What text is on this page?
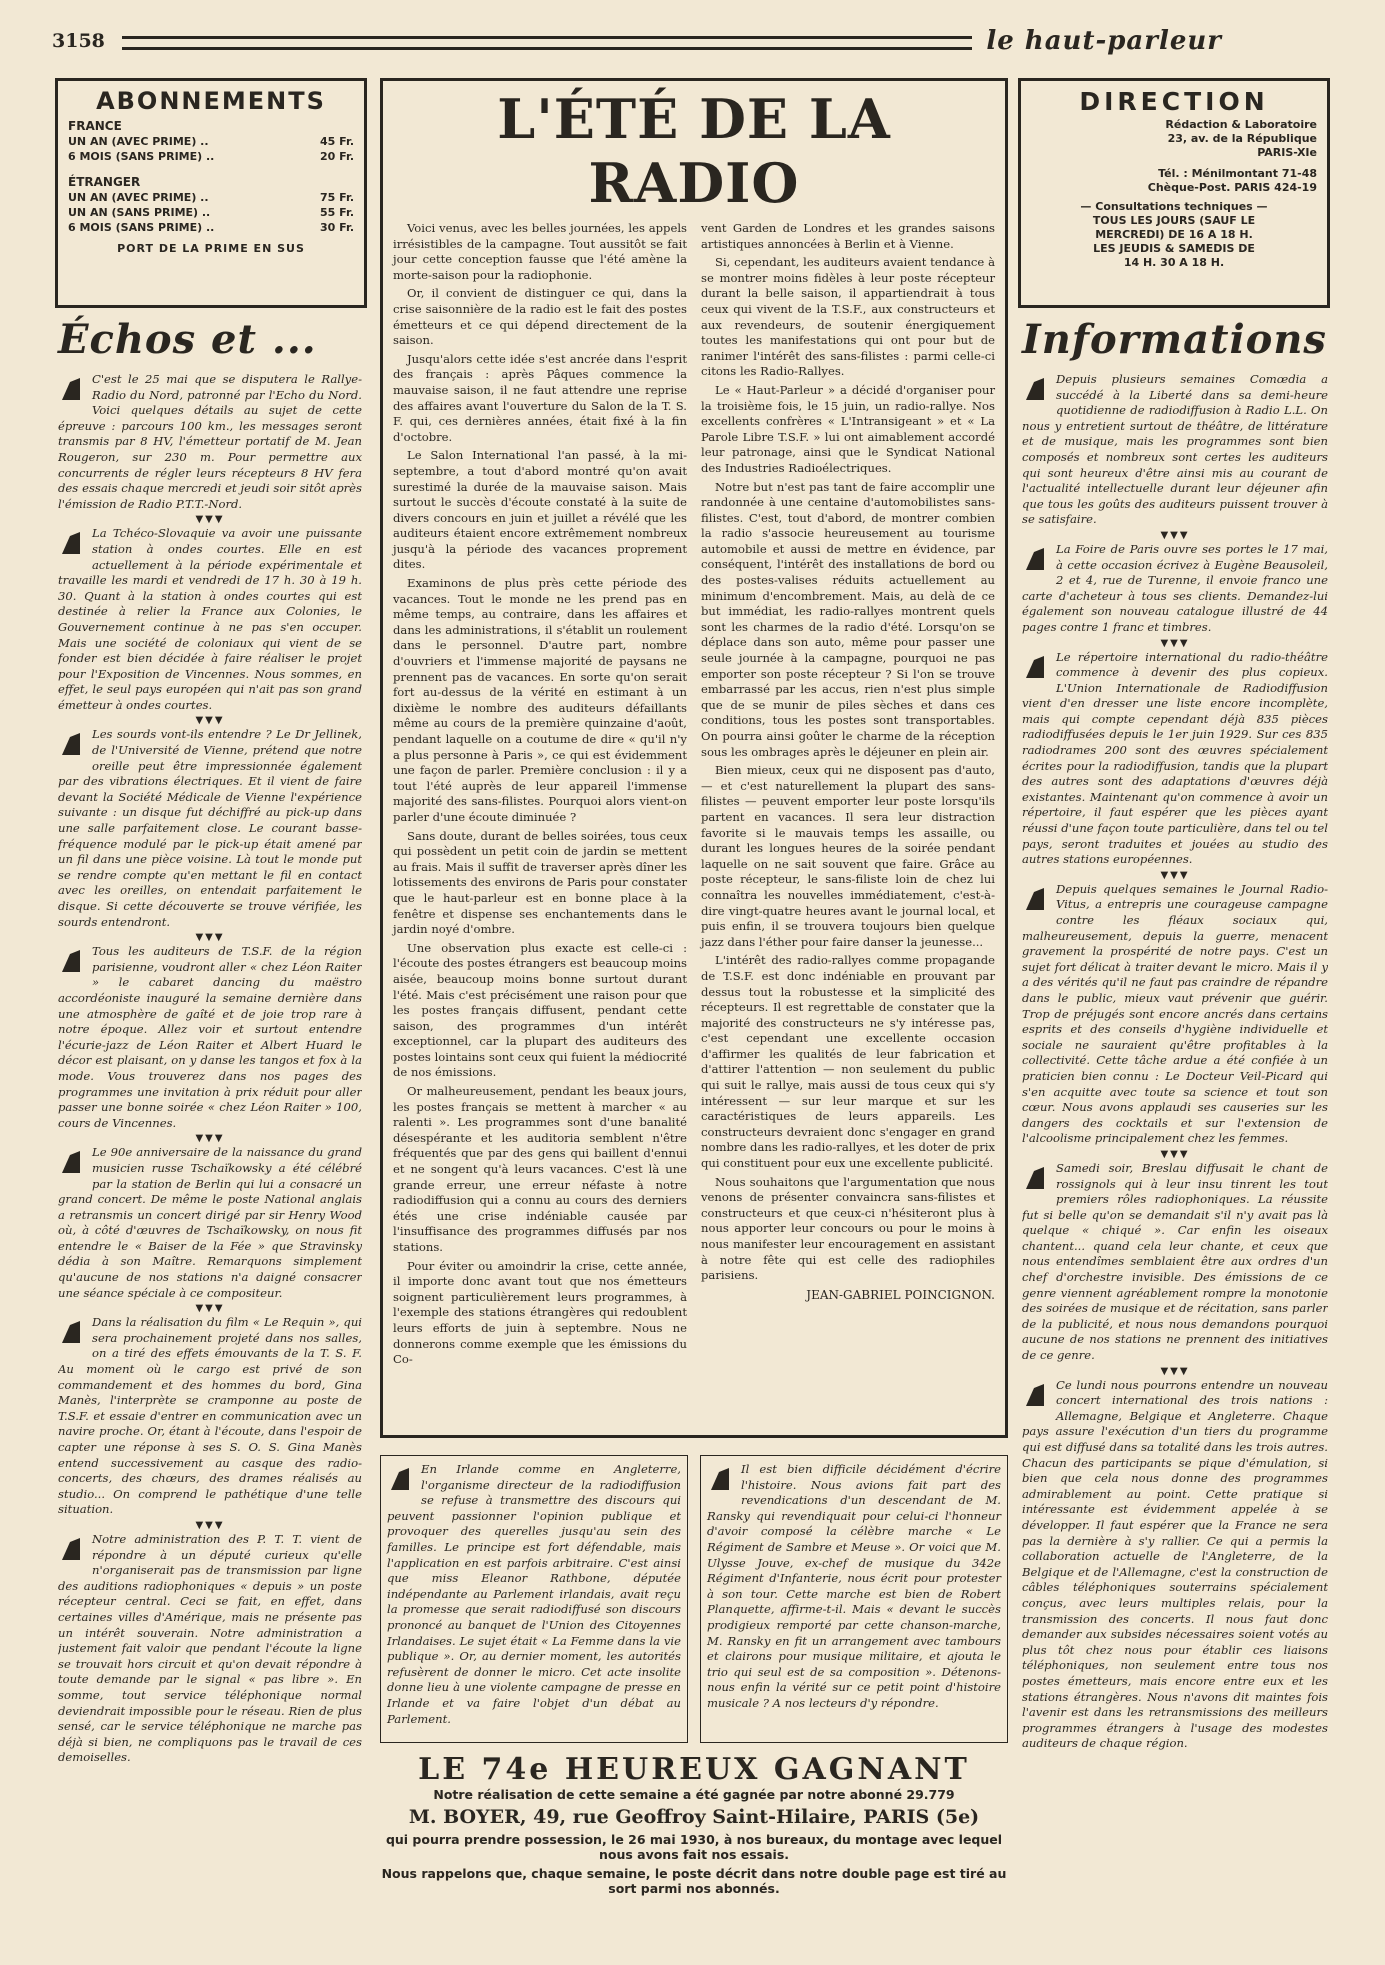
3158	le haut-parleur
ABONNEMENTS
FRANCE
UN AN (AVEC PRIME) ..	45 Fr.
6 MOIS (SANS PRIME) ..	20 Fr.
ÉTRANGER
UN AN (AVEC PRIME) ..	75 Fr.
UN AN (SANS PRIME) ..	55 Fr.
6 MOIS (SANS PRIME) ..	30 Fr.
PORT DE LA PRIME EN SUS
DIRECTION
Rédaction & Laboratoire
23, av. de la République
PARIS-XIe
Tél. : Ménilmontant 71-48
Chèque-Post. PARIS 424-19
— Consultations techniques —
TOUS LES JOURS (SAUF LE
MERCREDI) DE 16 A 18 H.
LES JEUDIS & SAMEDIS DE
14 H. 30 A 18 H.
Échos et ...	Informations
C'est le 25 mai que se disputera le Rallye-Radio du Nord, patronné par l'Echo du Nord. Voici quelques détails au sujet de cette épreuve : parcours 100 km., les messages seront transmis par 8 HV, l'émetteur portatif de M. Jean Rougeron, sur 230 m. Pour permettre aux concurrents de régler leurs récepteurs 8 HV fera des essais chaque mercredi et jeudi soir sitôt après l'émission de Radio P.T.T.-Nord.
▼▼▼
La Tchéco-Slovaquie va avoir une puissante station à ondes courtes. Elle en est actuellement à la période expérimentale et travaille les mardi et vendredi de 17 h. 30 à 19 h. 30. Quant à la station à ondes courtes qui est destinée à relier la France aux Colonies, le Gouvernement continue à ne pas s'en occuper. Mais une société de coloniaux qui vient de se fonder est bien décidée à faire réaliser le projet pour l'Exposition de Vincennes. Nous sommes, en effet, le seul pays européen qui n'ait pas son grand émetteur à ondes courtes.
▼▼▼
Les sourds vont-ils entendre ? Le Dr Jellinek, de l'Université de Vienne, prétend que notre oreille peut être impressionnée également par des vibrations électriques. Et il vient de faire devant la Société Médicale de Vienne l'expérience suivante : un disque fut déchiffré au pick-up dans une salle parfaitement close. Le courant basse-fréquence modulé par le pick-up était amené par un fil dans une pièce voisine. Là tout le monde put se rendre compte qu'en mettant le fil en contact avec les oreilles, on entendait parfaitement le disque. Si cette découverte se trouve vérifiée, les sourds entendront.
▼▼▼
Tous les auditeurs de T.S.F. de la région parisienne, voudront aller « chez Léon Raiter » le cabaret dancing du maëstro accordéoniste inauguré la semaine dernière dans une atmosphère de gaîté et de joie trop rare à notre époque. Allez voir et surtout entendre l'écurie-jazz de Léon Raiter et Albert Huard le décor est plaisant, on y danse les tangos et fox à la mode. Vous trouverez dans nos pages des programmes une invitation à prix réduit pour aller passer une bonne soirée « chez Léon Raiter » 100, cours de Vincennes.
▼▼▼
Le 90e anniversaire de la naissance du grand musicien russe Tschaïkowsky a été célébré par la station de Berlin qui lui a consacré un grand concert. De même le poste National anglais a retransmis un concert dirigé par sir Henry Wood où, à côté d'œuvres de Tschaïkowsky, on nous fit entendre le « Baiser de la Fée » que Stravinsky dédia à son Maître. Remarquons simplement qu'aucune de nos stations n'a daigné consacrer une séance spéciale à ce compositeur.
▼▼▼
Dans la réalisation du film « Le Requin », qui sera prochainement projeté dans nos salles, on a tiré des effets émouvants de la T. S. F. Au moment où le cargo est privé de son commandement et des hommes du bord, Gina Manès, l'interprète se cramponne au poste de T.S.F. et essaie d'entrer en communication avec un navire proche. Or, étant à l'écoute, dans l'espoir de capter une réponse à ses S. O. S. Gina Manès entend successivement au casque des radio-concerts, des chœurs, des drames réalisés au studio... On comprend le pathétique d'une telle situation.
▼▼▼
Notre administration des P. T. T. vient de répondre à un député curieux qu'elle n'organiserait pas de transmission par ligne des auditions radiophoniques « depuis » un poste récepteur central. Ceci se fait, en effet, dans certaines villes d'Amérique, mais ne présente pas un intérêt souverain. Notre administration a justement fait valoir que pendant l'écoute la ligne se trouvait hors circuit et qu'on devait répondre à toute demande par le signal « pas libre ». En somme, tout service téléphonique normal deviendrait impossible pour le réseau. Rien de plus sensé, car le service téléphonique ne marche pas déjà si bien, ne compliquons pas le travail de ces demoiselles.
Depuis plusieurs semaines Comœdia a succédé à la Liberté dans sa demi-heure quotidienne de radiodiffusion à Radio L.L. On nous y entretient surtout de théâtre, de littérature et de musique, mais les programmes sont bien composés et nombreux sont certes les auditeurs qui sont heureux d'être ainsi mis au courant de l'actualité intellectuelle durant leur déjeuner afin que tous les goûts des auditeurs puissent trouver à se satisfaire.
▼▼▼
La Foire de Paris ouvre ses portes le 17 mai, à cette occasion écrivez à Eugène Beausoleil, 2 et 4, rue de Turenne, il envoie franco une carte d'acheteur à tous ses clients. Demandez-lui également son nouveau catalogue illustré de 44 pages contre 1 franc et timbres.
▼▼▼
Le répertoire international du radio-théâtre commence à devenir des plus copieux. L'Union Internationale de Radiodiffusion vient d'en dresser une liste encore incomplète, mais qui compte cependant déjà 835 pièces radiodiffusées depuis le 1er juin 1929. Sur ces 835 radiodrames 200 sont des œuvres spécialement écrites pour la radiodiffusion, tandis que la plupart des autres sont des adaptations d'œuvres déjà existantes. Maintenant qu'on commence à avoir un répertoire, il faut espérer que les pièces ayant réussi d'une façon toute particulière, dans tel ou tel pays, seront traduites et jouées au studio des autres stations européennes.
▼▼▼
Depuis quelques semaines le Journal Radio-Vitus, a entrepris une courageuse campagne contre les fléaux sociaux qui, malheureusement, depuis la guerre, menacent gravement la prospérité de notre pays. C'est un sujet fort délicat à traiter devant le micro. Mais il y a des vérités qu'il ne faut pas craindre de répandre dans le public, mieux vaut prévenir que guérir. Trop de préjugés sont encore ancrés dans certains esprits et des conseils d'hygiène individuelle et sociale ne sauraient qu'être profitables à la collectivité. Cette tâche ardue a été confiée à un praticien bien connu : Le Docteur Veil-Picard qui s'en acquitte avec toute sa science et tout son cœur. Nous avons applaudi ses causeries sur les dangers des cocktails et sur l'extension de l'alcoolisme principalement chez les femmes.
▼▼▼
Samedi soir, Breslau diffusait le chant de rossignols qui à leur insu tinrent les tout premiers rôles radiophoniques. La réussite fut si belle qu'on se demandait s'il n'y avait pas là quelque « chiqué ». Car enfin les oiseaux chantent... quand cela leur chante, et ceux que nous entendîmes semblaient être aux ordres d'un chef d'orchestre invisible. Des émissions de ce genre viennent agréablement rompre la monotonie des soirées de musique et de récitation, sans parler de la publicité, et nous nous demandons pourquoi aucune de nos stations ne prennent des initiatives de ce genre.
▼▼▼
Ce lundi nous pourrons entendre un nouveau concert international des trois nations : Allemagne, Belgique et Angleterre. Chaque pays assure l'exécution d'un tiers du programme qui est diffusé dans sa totalité dans les trois autres. Chacun des participants se pique d'émulation, si bien que cela nous donne des programmes admirablement au point. Cette pratique si intéressante est évidemment appelée à se développer. Il faut espérer que la France ne sera pas la dernière à s'y rallier. Ce qui a permis la collaboration actuelle de l'Angleterre, de la Belgique et de l'Allemagne, c'est la construction de câbles téléphoniques souterrains spécialement conçus, avec leurs multiples relais, pour la transmission des concerts. Il nous faut donc demander aux subsides nécessaires soient votés au plus tôt chez nous pour établir ces liaisons téléphoniques, non seulement entre tous nos postes émetteurs, mais encore entre eux et les stations étrangères. Nous n'avons dit maintes fois l'avenir est dans les retransmissions des meilleurs programmes étrangers à l'usage des modestes auditeurs de chaque région.
L'ÉTÉ DE LA RADIO

Voici venus, avec les belles journées, les appels irrésistibles de la campagne. Tout aussitôt se fait jour cette conception fausse que l'été amène la morte-saison pour la radiophonie.

Or, il convient de distinguer ce qui, dans la crise saisonnière de la radio est le fait des postes émetteurs et ce qui dépend directement de la saison.

Jusqu'alors cette idée s'est ancrée dans l'esprit des français : après Pâques commence la mauvaise saison, il ne faut attendre une reprise des affaires avant l'ouverture du Salon de la T. S. F. qui, ces dernières années, était fixé à la fin d'octobre.

Le Salon International l'an passé, à la mi-septembre, a tout d'abord montré qu'on avait surestimé la durée de la mauvaise saison. Mais surtout le succès d'écoute constaté à la suite de divers concours en juin et juillet a révélé que les auditeurs étaient encore extrêmement nombreux jusqu'à la période des vacances proprement dites.

Examinons de plus près cette période des vacances. Tout le monde ne les prend pas en même temps, au contraire, dans les affaires et dans les administrations, il s'établit un roulement dans le personnel. D'autre part, nombre d'ouvriers et l'immense majorité de paysans ne prennent pas de vacances. En sorte qu'on serait fort au-dessus de la vérité en estimant à un dixième le nombre des auditeurs défaillants même au cours de la première quinzaine d'août, pendant laquelle on a coutume de dire « qu'il n'y a plus personne à Paris », ce qui est évidemment une façon de parler. Première conclusion : il y a tout l'été auprès de leur appareil l'immense majorité des sans-filistes. Pourquoi alors vient-on parler d'une écoute diminuée ?

Sans doute, durant de belles soirées, tous ceux qui possèdent un petit coin de jardin se mettent au frais. Mais il suffit de traverser après dîner les lotissements des environs de Paris pour constater que le haut-parleur est en bonne place à la fenêtre et dispense ses enchantements dans le jardin noyé d'ombre.

Une observation plus exacte est celle-ci : l'écoute des postes étrangers est beaucoup moins aisée, beaucoup moins bonne surtout durant l'été. Mais c'est précisément une raison pour que les postes français diffusent, pendant cette saison, des programmes d'un intérêt exceptionnel, car la plupart des auditeurs des postes lointains sont ceux qui fuient la médiocrité de nos émissions.

Or malheureusement, pendant les beaux jours, les postes français se mettent à marcher « au ralenti ». Les programmes sont d'une banalité désespérante et les auditoria semblent n'être fréquentés que par des gens qui baillent d'ennui et ne songent qu'à leurs vacances. C'est là une grande erreur, une erreur néfaste à notre radiodiffusion qui a connu au cours des derniers étés une crise indéniable causée par l'insuffisance des programmes diffusés par nos stations.

Pour éviter ou amoindrir la crise, cette année, il importe donc avant tout que nos émetteurs soignent particulièrement leurs programmes, à l'exemple des stations étrangères qui redoublent leurs efforts de juin à septembre. Nous ne donnerons comme exemple que les émissions du Co-

vent Garden de Londres et les grandes saisons artistiques annoncées à Berlin et à Vienne.

Si, cependant, les auditeurs avaient tendance à se montrer moins fidèles à leur poste récepteur durant la belle saison, il appartiendrait à tous ceux qui vivent de la T.S.F., aux constructeurs et aux revendeurs, de soutenir énergiquement toutes les manifestations qui ont pour but de ranimer l'intérêt des sans-filistes : parmi celle-ci citons les Radio-Rallyes.

Le « Haut-Parleur » a décidé d'organiser pour la troisième fois, le 15 juin, un radio-rallye. Nos excellents confrères « L'Intransigeant » et « La Parole Libre T.S.F. » lui ont aimablement accordé leur patronage, ainsi que le Syndicat National des Industries Radioélectriques.

Notre but n'est pas tant de faire accomplir une randonnée à une centaine d'automobilistes sans-filistes. C'est, tout d'abord, de montrer combien la radio s'associe heureusement au tourisme automobile et aussi de mettre en évidence, par conséquent, l'intérêt des installations de bord ou des postes-valises réduits actuellement au minimum d'encombrement. Mais, au delà de ce but immédiat, les radio-rallyes montrent quels sont les charmes de la radio d'été. Lorsqu'on se déplace dans son auto, même pour passer une seule journée à la campagne, pourquoi ne pas emporter son poste récepteur ? Si l'on se trouve embarrassé par les accus, rien n'est plus simple que de se munir de piles sèches et dans ces conditions, tous les postes sont transportables. On pourra ainsi goûter le charme de la réception sous les ombrages après le déjeuner en plein air.

Bien mieux, ceux qui ne disposent pas d'auto, — et c'est naturellement la plupart des sans-filistes — peuvent emporter leur poste lorsqu'ils partent en vacances. Il sera leur distraction favorite si le mauvais temps les assaille, ou durant les longues heures de la soirée pendant laquelle on ne sait souvent que faire. Grâce au poste récepteur, le sans-filiste loin de chez lui connaîtra les nouvelles immédiatement, c'est-à-dire vingt-quatre heures avant le journal local, et puis enfin, il se trouvera toujours bien quelque jazz dans l'éther pour faire danser la jeunesse...

L'intérêt des radio-rallyes comme propagande de T.S.F. est donc indéniable en prouvant par dessus tout la robustesse et la simplicité des récepteurs. Il est regrettable de constater que la majorité des constructeurs ne s'y intéresse pas, c'est cependant une excellente occasion d'affirmer les qualités de leur fabrication et d'attirer l'attention — non seulement du public qui suit le rallye, mais aussi de tous ceux qui s'y intéressent — sur leur marque et sur les caractéristiques de leurs appareils. Les constructeurs devraient donc s'engager en grand nombre dans les radio-rallyes, et les doter de prix qui constituent pour eux une excellente publicité.

Nous souhaitons que l'argumentation que nous venons de présenter convaincra sans-filistes et constructeurs et que ceux-ci n'hésiteront plus à nous apporter leur concours ou pour le moins à nous manifester leur encouragement en assistant à notre fête qui est celle des radiophiles parisiens.

JEAN-GABRIEL POINCIGNON.
En Irlande comme en Angleterre, l'organisme directeur de la radiodiffusion se refuse à transmettre des discours qui peuvent passionner l'opinion publique et provoquer des querelles jusqu'au sein des familles. Le principe est fort défendable, mais l'application en est parfois arbitraire. C'est ainsi que miss Eleanor Rathbone, députée indépendante au Parlement irlandais, avait reçu la promesse que serait radiodiffusé son discours prononcé au banquet de l'Union des Citoyennes Irlandaises. Le sujet était « La Femme dans la vie publique ». Or, au dernier moment, les autorités refusèrent de donner le micro. Cet acte insolite donne lieu à une violente campagne de presse en Irlande et va faire l'objet d'un débat au Parlement.
Il est bien difficile décidément d'écrire l'histoire. Nous avions fait part des revendications d'un descendant de M. Ransky qui revendiquait pour celui-ci l'honneur d'avoir composé la célèbre marche « Le Régiment de Sambre et Meuse ». Or voici que M. Ulysse Jouve, ex-chef de musique du 342e Régiment d'Infanterie, nous écrit pour protester à son tour. Cette marche est bien de Robert Planquette, affirme-t-il. Mais « devant le succès prodigieux remporté par cette chanson-marche, M. Ransky en fit un arrangement avec tambours et clairons pour musique militaire, et ajouta le trio qui seul est de sa composition ». Détenons-nous enfin la vérité sur ce petit point d'histoire musicale ? A nos lecteurs d'y répondre.
LE 74e HEUREUX GAGNANT
Notre réalisation de cette semaine a été gagnée par notre abonné 29.779
M. BOYER, 49, rue Geoffroy Saint-Hilaire, PARIS (5e)
qui pourra prendre possession, le 26 mai 1930, à nos bureaux, du montage avec lequel nous avons fait nos essais.
Nous rappelons que, chaque semaine, le poste décrit dans notre double page est tiré au sort parmi nos abonnés.
